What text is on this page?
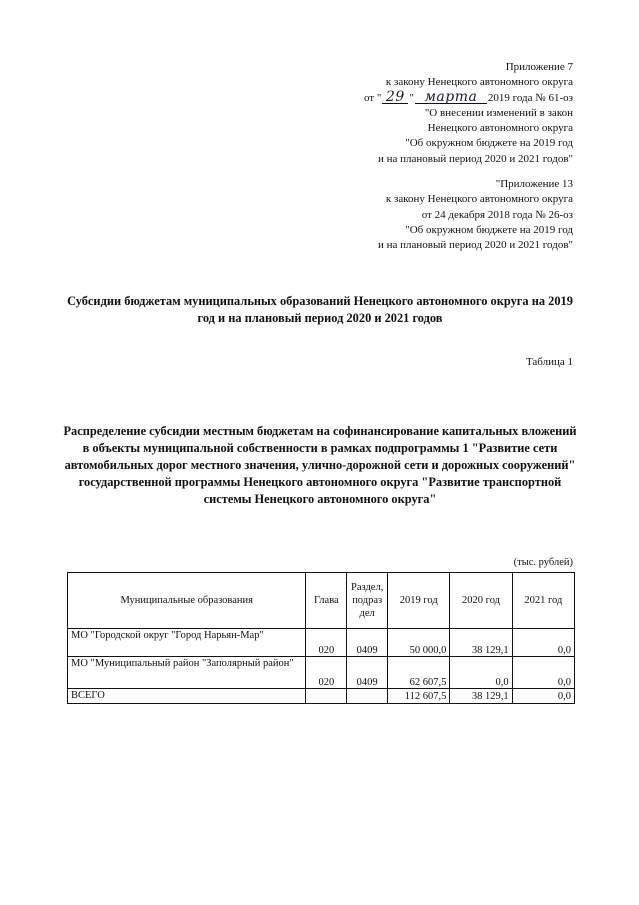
Приложение 7
к закону Ненецкого автономного округа
от " 29 " марта 2019 года № 61-оз
"О внесении изменений в закон
Ненецкого автономного округа
"Об окружном бюджете на 2019 год
и на плановый период 2020 и 2021 годов"
"Приложение 13
к закону Ненецкого автономного округа
от 24 декабря 2018 года № 26-оз
"Об окружном бюджете на 2019 год
и на плановый период 2020 и 2021 годов"
Субсидии бюджетам муниципальных образований Ненецкого автономного округа на 2019 год и на плановый период 2020 и 2021 годов
Таблица 1
Распределение субсидии местным бюджетам на софинансирование капитальных вложений в объекты муниципальной собственности в рамках подпрограммы 1 "Развитие сети автомобильных дорог местного значения, улично-дорожной сети и дорожных сооружений" государственной программы Ненецкого автономного округа "Развитие транспортной системы Ненецкого автономного округа"
(тыс. рублей)
Муниципальные образования	Глава	Раздел, подраз дел	2019 год	2020 год	2021 год
МО "Городской округ "Город Нарьян-Мар"	020	0409	50 000,0	38 129,1	0,0
МО "Муниципальный район "Заполярный район"	020	0409	62 607,5	0,0	0,0
ВСЕГО			112 607,5	38 129,1	0,0
